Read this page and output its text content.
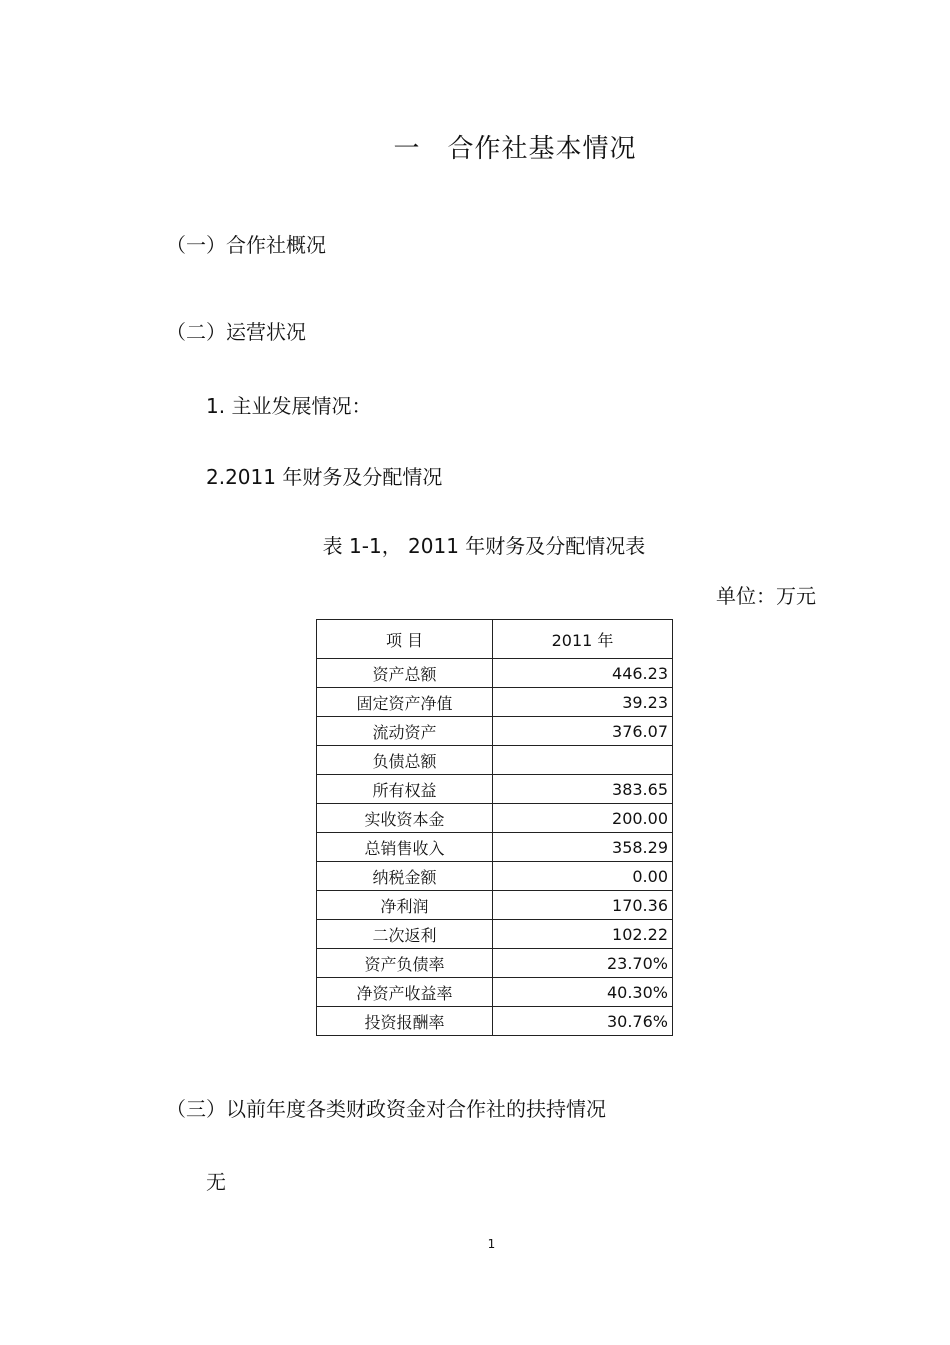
一　合作社基本情况
（一）合作社概况
（二）运营状况
1. 主业发展情况：
2.2011 年财务及分配情况
表 1-1， 2011 年财务及分配情况表
单位：万元
项 目	2011 年
资产总额	446.23
固定资产净值	39.23
流动资产	376.07
负债总额	
所有权益	383.65
实收资本金	200.00
总销售收入	358.29
纳税金额	0.00
净利润	170.36
二次返利	102.22
资产负债率	23.70%
净资产收益率	40.30%
投资报酬率	30.76%
（三）以前年度各类财政资金对合作社的扶持情况
无
1
